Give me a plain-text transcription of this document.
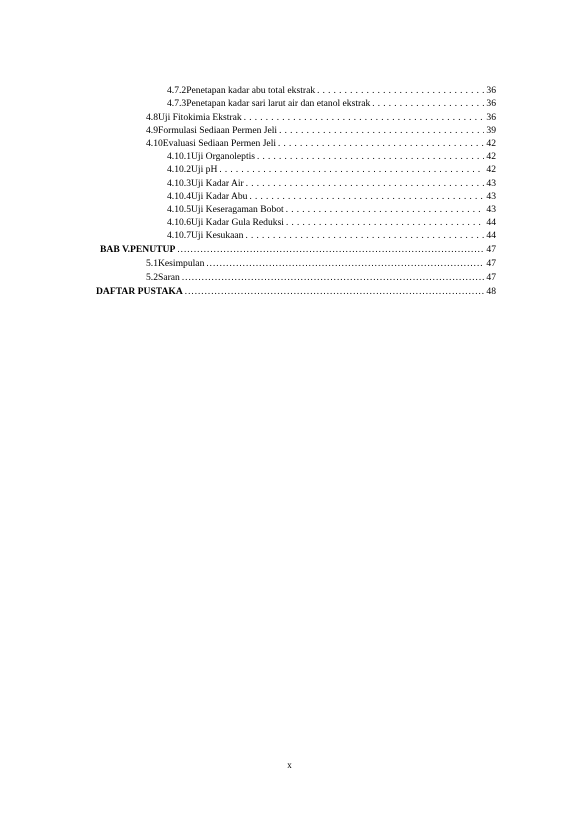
4.7.2 Penetapan kadar abu total ekstrak . . .	36
4.7.3 Penetapan kadar sari larut air dan etanol ekstrak . . .	36
4.8 Uji Fitokimia Ekstrak . . .	36
4.9 Formulasi Sediaan Permen Jeli . . .	39
4.10 Evaluasi Sediaan Permen Jeli . . .	42
4.10.1 Uji Organoleptis . . .	42
4.10.2 Uji pH . . .	42
4.10.3 Uji Kadar Air . . .	43
4.10.4 Uji Kadar Abu . . .	43
4.10.5 Uji Keseragaman Bobot . . .	43
4.10.6 Uji Kadar Gula Reduksi . . .	44
4.10.7 Uji Kesukaan . . .	44
BAB V. PENUTUP . . .	47
5.1 Kesimpulan . . .	47
5.2 Saran . . .	47
DAFTAR PUSTAKA . . .	48
x
